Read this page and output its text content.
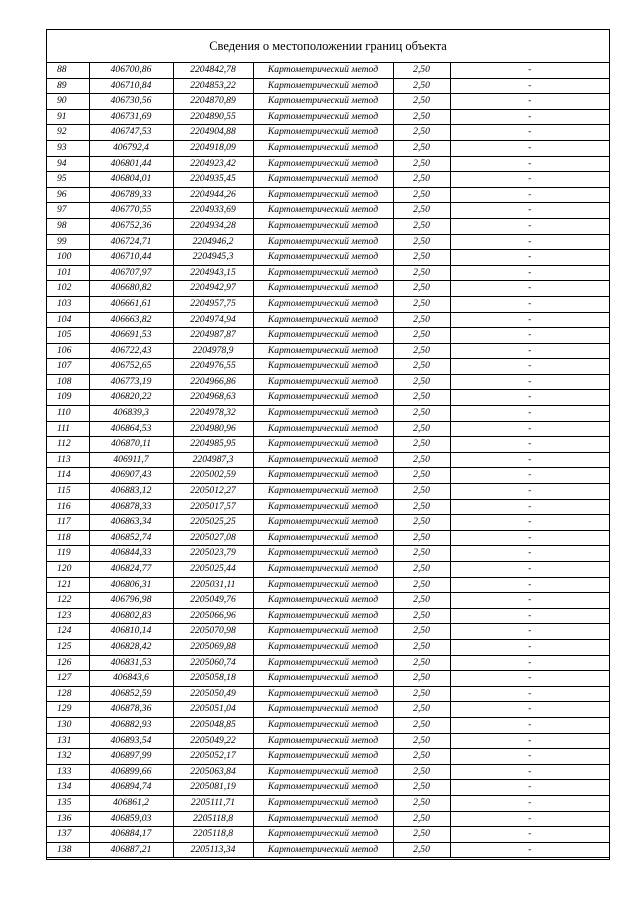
Сведения о местоположении границ объекта
88	406700,86	2204842,78	Картометрический метод	2,50	-
89	406710,84	2204853,22	Картометрический метод	2,50	-
90	406730,56	2204870,89	Картометрический метод	2,50	-
91	406731,69	2204890,55	Картометрический метод	2,50	-
92	406747,53	2204904,88	Картометрический метод	2,50	-
93	406792,4	2204918,09	Картометрический метод	2,50	-
94	406801,44	2204923,42	Картометрический метод	2,50	-
95	406804,01	2204935,45	Картометрический метод	2,50	-
96	406789,33	2204944,26	Картометрический метод	2,50	-
97	406770,55	2204933,69	Картометрический метод	2,50	-
98	406752,36	2204934,28	Картометрический метод	2,50	-
99	406724,71	2204946,2	Картометрический метод	2,50	-
100	406710,44	2204945,3	Картометрический метод	2,50	-
101	406707,97	2204943,15	Картометрический метод	2,50	-
102	406680,82	2204942,97	Картометрический метод	2,50	-
103	406661,61	2204957,75	Картометрический метод	2,50	-
104	406663,82	2204974,94	Картометрический метод	2,50	-
105	406691,53	2204987,87	Картометрический метод	2,50	-
106	406722,43	2204978,9	Картометрический метод	2,50	-
107	406752,65	2204976,55	Картометрический метод	2,50	-
108	406773,19	2204966,86	Картометрический метод	2,50	-
109	406820,22	2204968,63	Картометрический метод	2,50	-
110	406839,3	2204978,32	Картометрический метод	2,50	-
111	406864,53	2204980,96	Картометрический метод	2,50	-
112	406870,11	2204985,95	Картометрический метод	2,50	-
113	406911,7	2204987,3	Картометрический метод	2,50	-
114	406907,43	2205002,59	Картометрический метод	2,50	-
115	406883,12	2205012,27	Картометрический метод	2,50	-
116	406878,33	2205017,57	Картометрический метод	2,50	-
117	406863,34	2205025,25	Картометрический метод	2,50	-
118	406852,74	2205027,08	Картометрический метод	2,50	-
119	406844,33	2205023,79	Картометрический метод	2,50	-
120	406824,77	2205025,44	Картометрический метод	2,50	-
121	406806,31	2205031,11	Картометрический метод	2,50	-
122	406796,98	2205049,76	Картометрический метод	2,50	-
123	406802,83	2205066,96	Картометрический метод	2,50	-
124	406810,14	2205070,98	Картометрический метод	2,50	-
125	406828,42	2205069,88	Картометрический метод	2,50	-
126	406831,53	2205060,74	Картометрический метод	2,50	-
127	406843,6	2205058,18	Картометрический метод	2,50	-
128	406852,59	2205050,49	Картометрический метод	2,50	-
129	406878,36	2205051,04	Картометрический метод	2,50	-
130	406882,93	2205048,85	Картометрический метод	2,50	-
131	406893,54	2205049,22	Картометрический метод	2,50	-
132	406897,99	2205052,17	Картометрический метод	2,50	-
133	406899,66	2205063,84	Картометрический метод	2,50	-
134	406894,74	2205081,19	Картометрический метод	2,50	-
135	406861,2	2205111,71	Картометрический метод	2,50	-
136	406859,03	2205118,8	Картометрический метод	2,50	-
137	406884,17	2205118,8	Картометрический метод	2,50	-
138	406887,21	2205113,34	Картометрический метод	2,50	-
